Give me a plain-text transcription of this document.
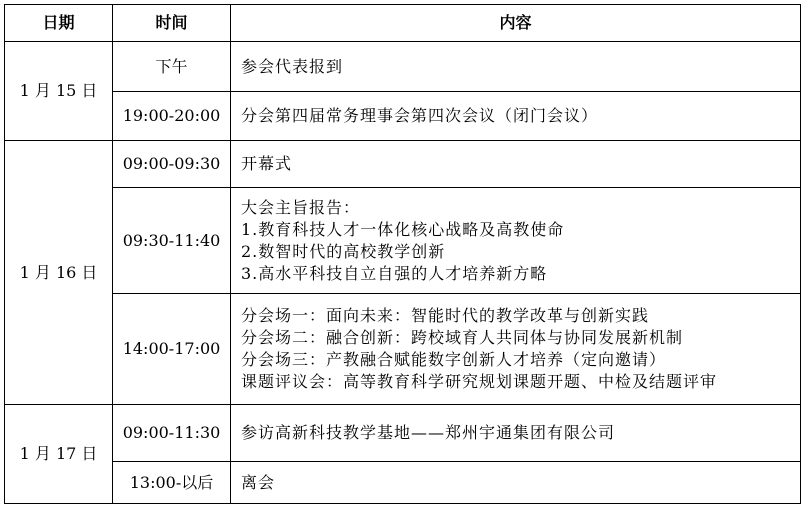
日期	时间	内容
1 月 15 日	下午	参会代表报到

	19:00-20:00	分会第四届常务理事会第四次会议（闭门会议）

1 月 16 日	09:00-09:30	开幕式

	09:30-11:40	大会主旨报告：
1.教育科技人才一体化核心战略及高教使命
2.数智时代的高校教学创新
3.高水平科技自立自强的人才培养新方略

	14:00-17:00	分会场一：面向未来：智能时代的教学改革与创新实践
分会场二：融合创新：跨校域育人共同体与协同发展新机制
分会场三：产教融合赋能数字创新人才培养（定向邀请）
课题评议会：高等教育科学研究规划课题开题、中检及结题评审

1 月 17 日	09:00-11:30	参访高新科技教学基地——郑州宇通集团有限公司

	13:00-以后	离会
